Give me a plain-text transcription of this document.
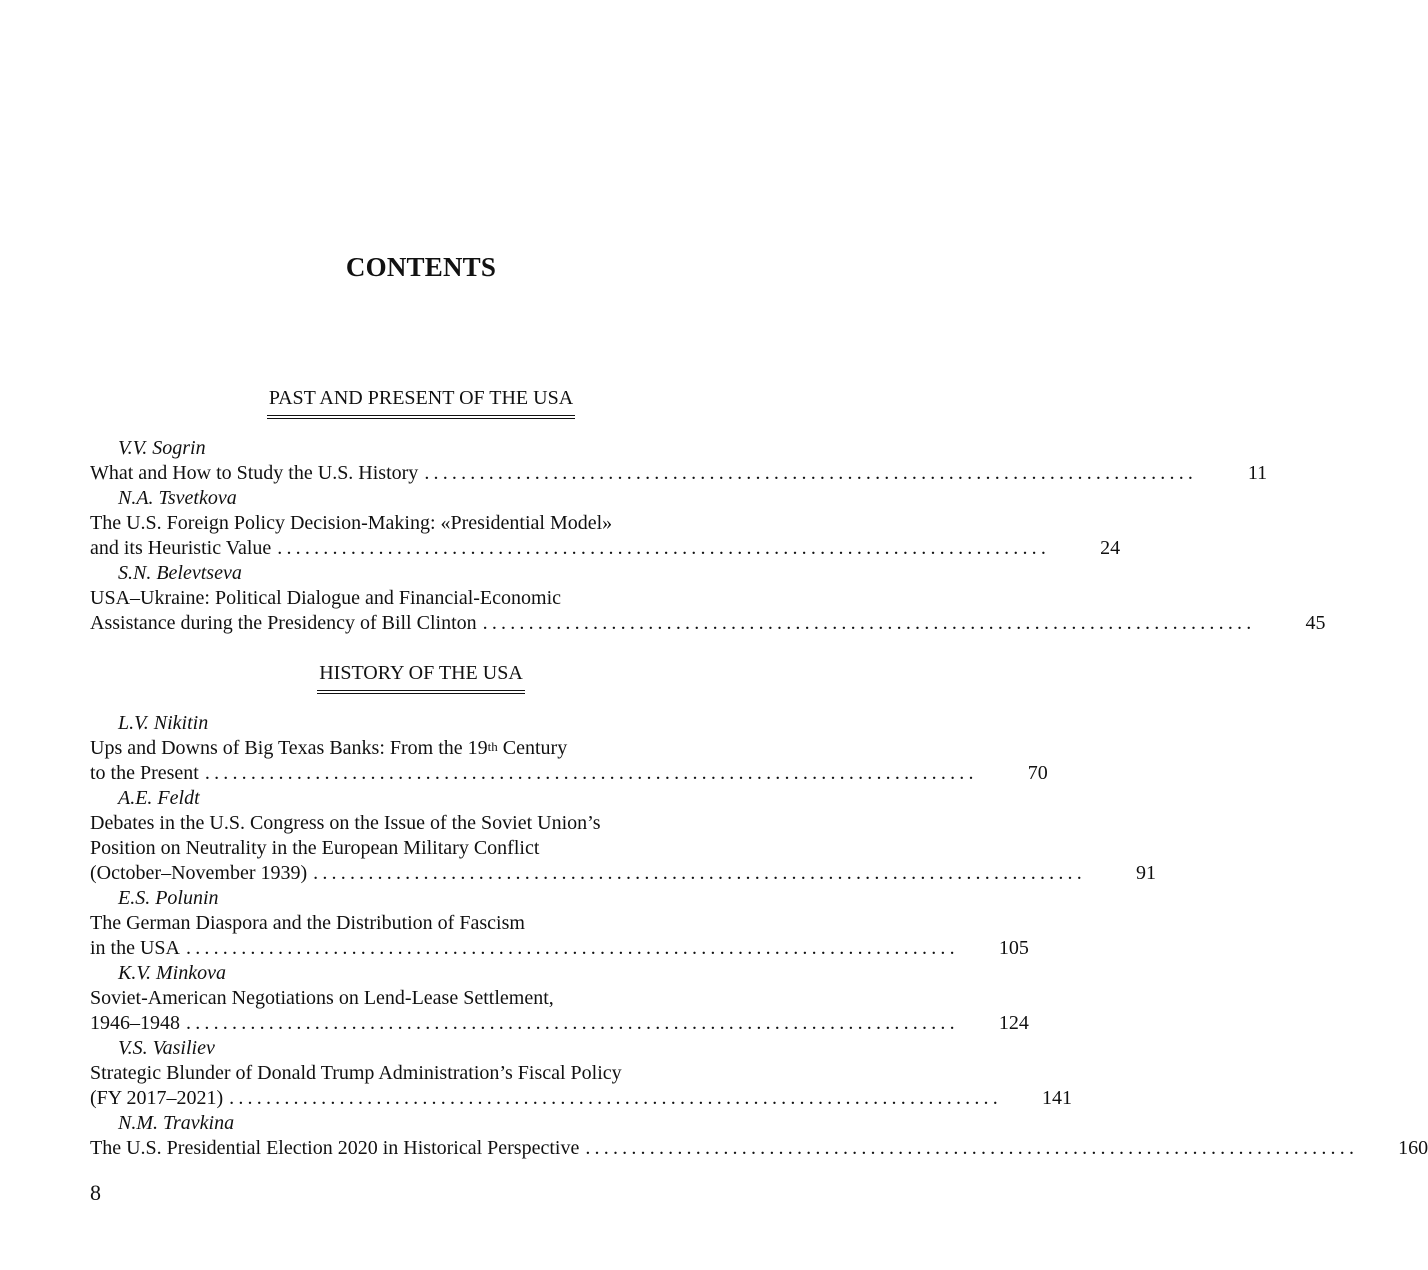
CONTENTS
PAST AND PRESENT OF THE USA
V.V. Sogrin
What and How to Study the U.S. History ....................................................................................	11
N.A. Tsvetkova
The U.S. Foreign Policy Decision-Making: «Presidential Model»
and its Heuristic Value ....................................................................................	24
S.N. Belevtseva
USA–Ukraine: Political Dialogue and Financial-Economic
Assistance during the Presidency of Bill Clinton ....................................................................................	45
HISTORY OF THE USA
L.V. Nikitin
Ups and Downs of Big Texas Banks: From the 19th Century
to the Present ....................................................................................	70
A.E. Feldt
Debates in the U.S. Congress on the Issue of the Soviet Union’s
Position on Neutrality in the European Military Conflict
(October–November 1939) ....................................................................................	91
E.S. Polunin
The German Diaspora and the Distribution of Fascism
in the USA ....................................................................................	105
K.V. Minkova
Soviet-American Negotiations on Lend-Lease Settlement,
1946–1948 ....................................................................................	124
V.S. Vasiliev
Strategic Blunder of Donald Trump Administration’s Fiscal Policy
(FY 2017–2021) ....................................................................................	141
N.M. Travkina
The U.S. Presidential Election 2020 in Historical Perspective ....................................................................................	160
8
